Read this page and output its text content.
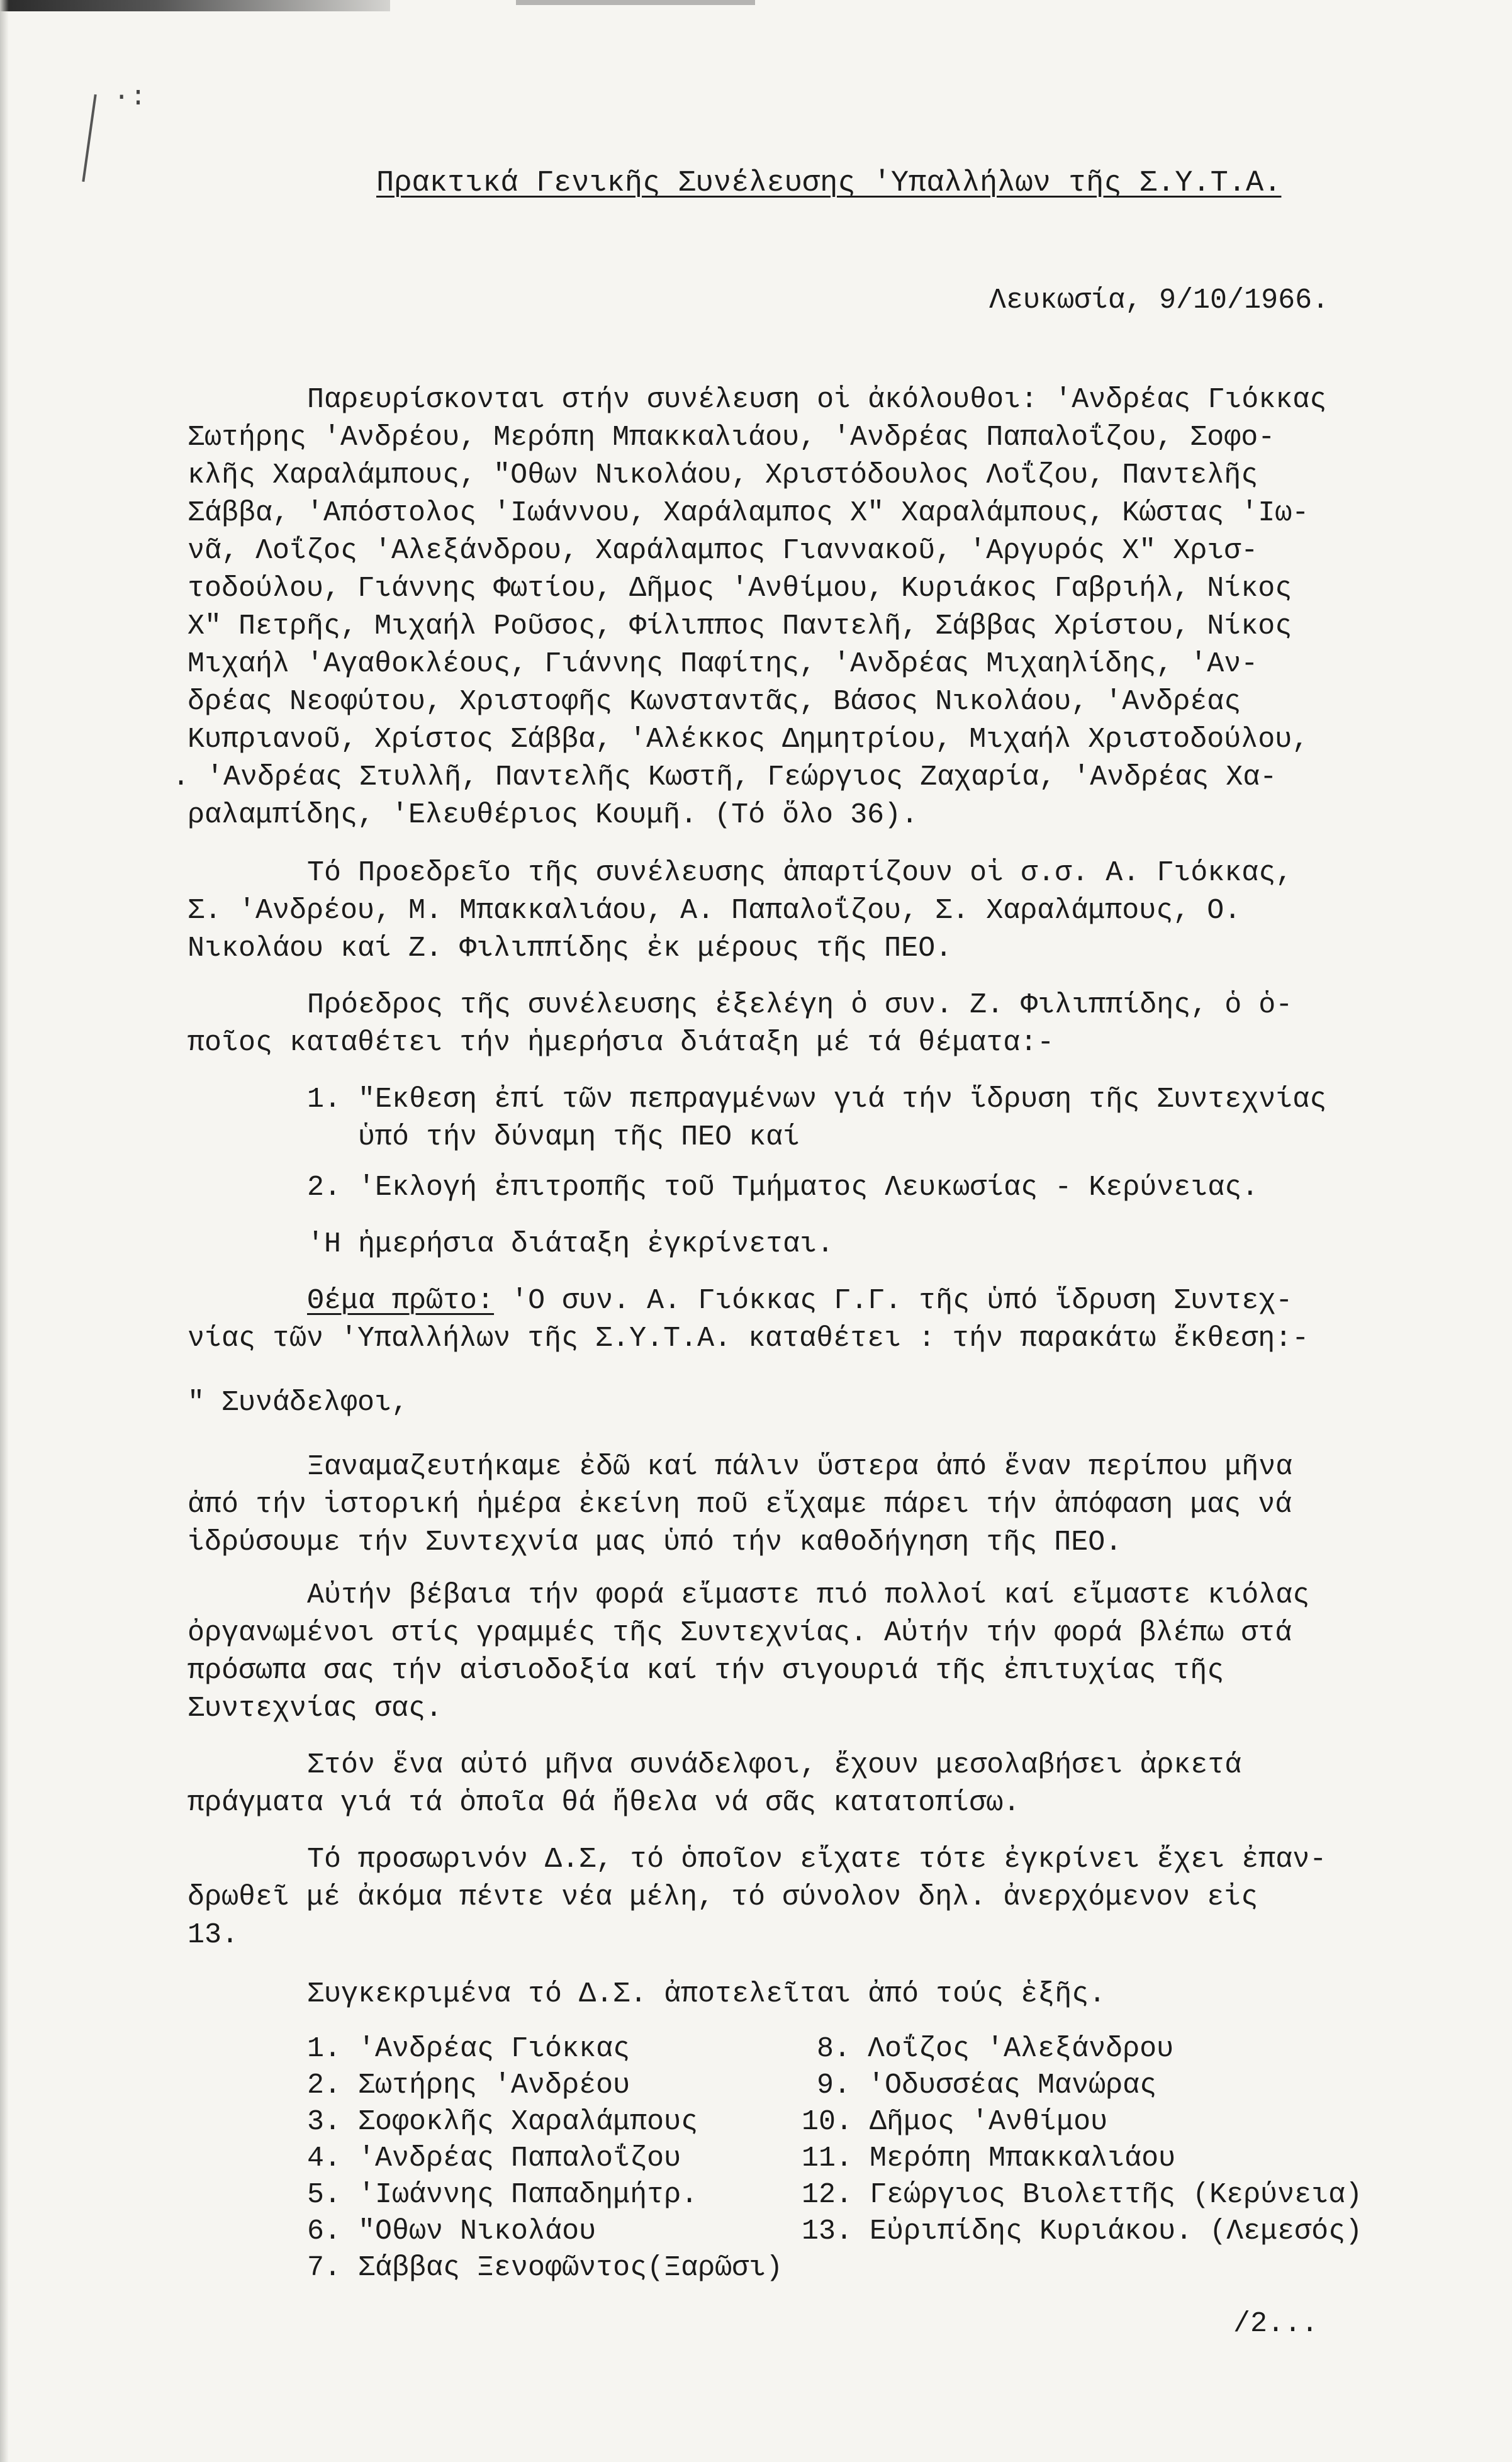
·:
Πρακτικά Γενικῆς Συνέλευσης 'Υπαλλήλων τῆς Σ.Υ.Τ.Α.
Λευκωσία, 9/10/1966.
Παρευρίσκονται στήν συνέλευση οἱ ἀκόλουθοι: 'Ανδρέας Γιόκκας
Σωτήρης 'Ανδρέου, Μερόπη Μπακκαλιάου, 'Ανδρέας Παπαλοΐζου, Σοφο-
κλῆς Χαραλάμπους, "Οθων Νικολάου, Χριστόδουλος Λοΐζου, Παντελῆς
Σάββα, 'Απόστολος 'Ιωάννου, Χαράλαμπος Χ" Χαραλάμπους, Κώστας 'Ιω-
νᾶ, Λοΐζος 'Αλεξάνδρου, Χαράλαμπος Γιαννακοῦ, 'Αργυρός Χ" Χρισ-
τοδούλου, Γιάννης Φωτίου, Δῆμος 'Ανθίμου, Κυριάκος Γαβριήλ, Νίκος
Χ" Πετρῆς, Μιχαήλ Ροῦσος, Φίλιππος Παντελῆ, Σάββας Χρίστου, Νίκος
Μιχαήλ 'Αγαθοκλέους, Γιάννης Παφίτης, 'Ανδρέας Μιχαηλίδης, 'Αν-
δρέας Νεοφύτου, Χριστοφῆς Κωνσταντᾶς, Βάσος Νικολάου, 'Ανδρέας
Κυπριανοῦ, Χρίστος Σάββα, 'Αλέκκος Δημητρίου, Μιχαήλ Χριστοδούλου,
. 'Ανδρέας Στυλλῆ, Παντελῆς Κωστῆ, Γεώργιος Ζαχαρία, 'Ανδρέας Χα-
ραλαμπίδης, 'Ελευθέριος Κουμῆ. (Τό ὅλο 36).
Τό Προεδρεῖο τῆς συνέλευσης ἀπαρτίζουν οἱ σ.σ. Α. Γιόκκας,
Σ. 'Ανδρέου, Μ. Μπακκαλιάου, Α. Παπαλοΐζου, Σ. Χαραλάμπους, Ο.
Νικολάου καί Ζ. Φιλιππίδης ἐκ μέρους τῆς ΠΕΟ.
Πρόεδρος τῆς συνέλευσης ἐξελέγη ὁ συν. Ζ. Φιλιππίδης, ὁ ὁ-
ποῖος καταθέτει τήν ἡμερήσια διάταξη μέ τά θέματα:-
1. "Εκθεση ἐπί τῶν πεπραγμένων γιά τήν ἵδρυση τῆς Συντεχνίας
ὑπό τήν δύναμη τῆς ΠΕΟ καί
2. 'Εκλογή ἐπιτροπῆς τοῦ Τμήματος Λευκωσίας - Κερύνειας.
'Η ἡμερήσια διάταξη ἐγκρίνεται.
Θέμα πρῶτο: 'Ο συν. Α. Γιόκκας Γ.Γ. τῆς ὑπό ἵδρυση Συντεχ-
νίας τῶν 'Υπαλλήλων τῆς Σ.Υ.Τ.Α. καταθέτει : τήν παρακάτω ἔκθεση:-
" Συνάδελφοι,
Ξαναμαζευτήκαμε ἐδῶ καί πάλιν ὕστερα ἀπό ἕναν περίπου μῆνα
ἀπό τήν ἱστορική ἡμέρα ἐκείνη ποῦ εἴχαμε πάρει τήν ἀπόφαση μας νά
ἱδρύσουμε τήν Συντεχνία μας ὑπό τήν καθοδήγηση τῆς ΠΕΟ.
Αὐτήν βέβαια τήν φορά εἴμαστε πιό πολλοί καί εἴμαστε κιόλας
ὀργανωμένοι στίς γραμμές τῆς Συντεχνίας. Αὐτήν τήν φορά βλέπω στά
πρόσωπα σας τήν αἰσιοδοξία καί τήν σιγουριά τῆς ἐπιτυχίας τῆς
Συντεχνίας σας.
Στόν ἕνα αὐτό μῆνα συνάδελφοι, ἔχουν μεσολαβήσει ἀρκετά
πράγματα γιά τά ὁποῖα θά ἤθελα νά σᾶς κατατοπίσω.
Τό προσωρινόν Δ.Σ, τό ὁποῖον εἴχατε τότε ἐγκρίνει ἔχει ἐπαν-
δρωθεῖ μέ ἀκόμα πέντε νέα μέλη, τό σύνολον δηλ. ἀνερχόμενον εἰς
13.
Συγκεκριμένα τό Δ.Σ. ἀποτελεῖται ἀπό τούς ἑξῆς.
1. 'Ανδρέας Γιόκκας
2. Σωτήρης 'Ανδρέου
3. Σοφοκλῆς Χαραλάμπους
4. 'Ανδρέας Παπαλοΐζου
5. 'Ιωάννης Παπαδημήτρ.
6. "Οθων Νικολάου
7. Σάββας Ξενοφῶντος(Ξαρῶσι)
8. Λοΐζος 'Αλεξάνδρου
9. 'Οδυσσέας Μανώρας
10. Δῆμος 'Ανθίμου
11. Μερόπη Μπακκαλιάου
12. Γεώργιος Βιολεττῆς (Κερύνεια)
13. Εὐριπίδης Κυριάκου. (Λεμεσός)
/2...
